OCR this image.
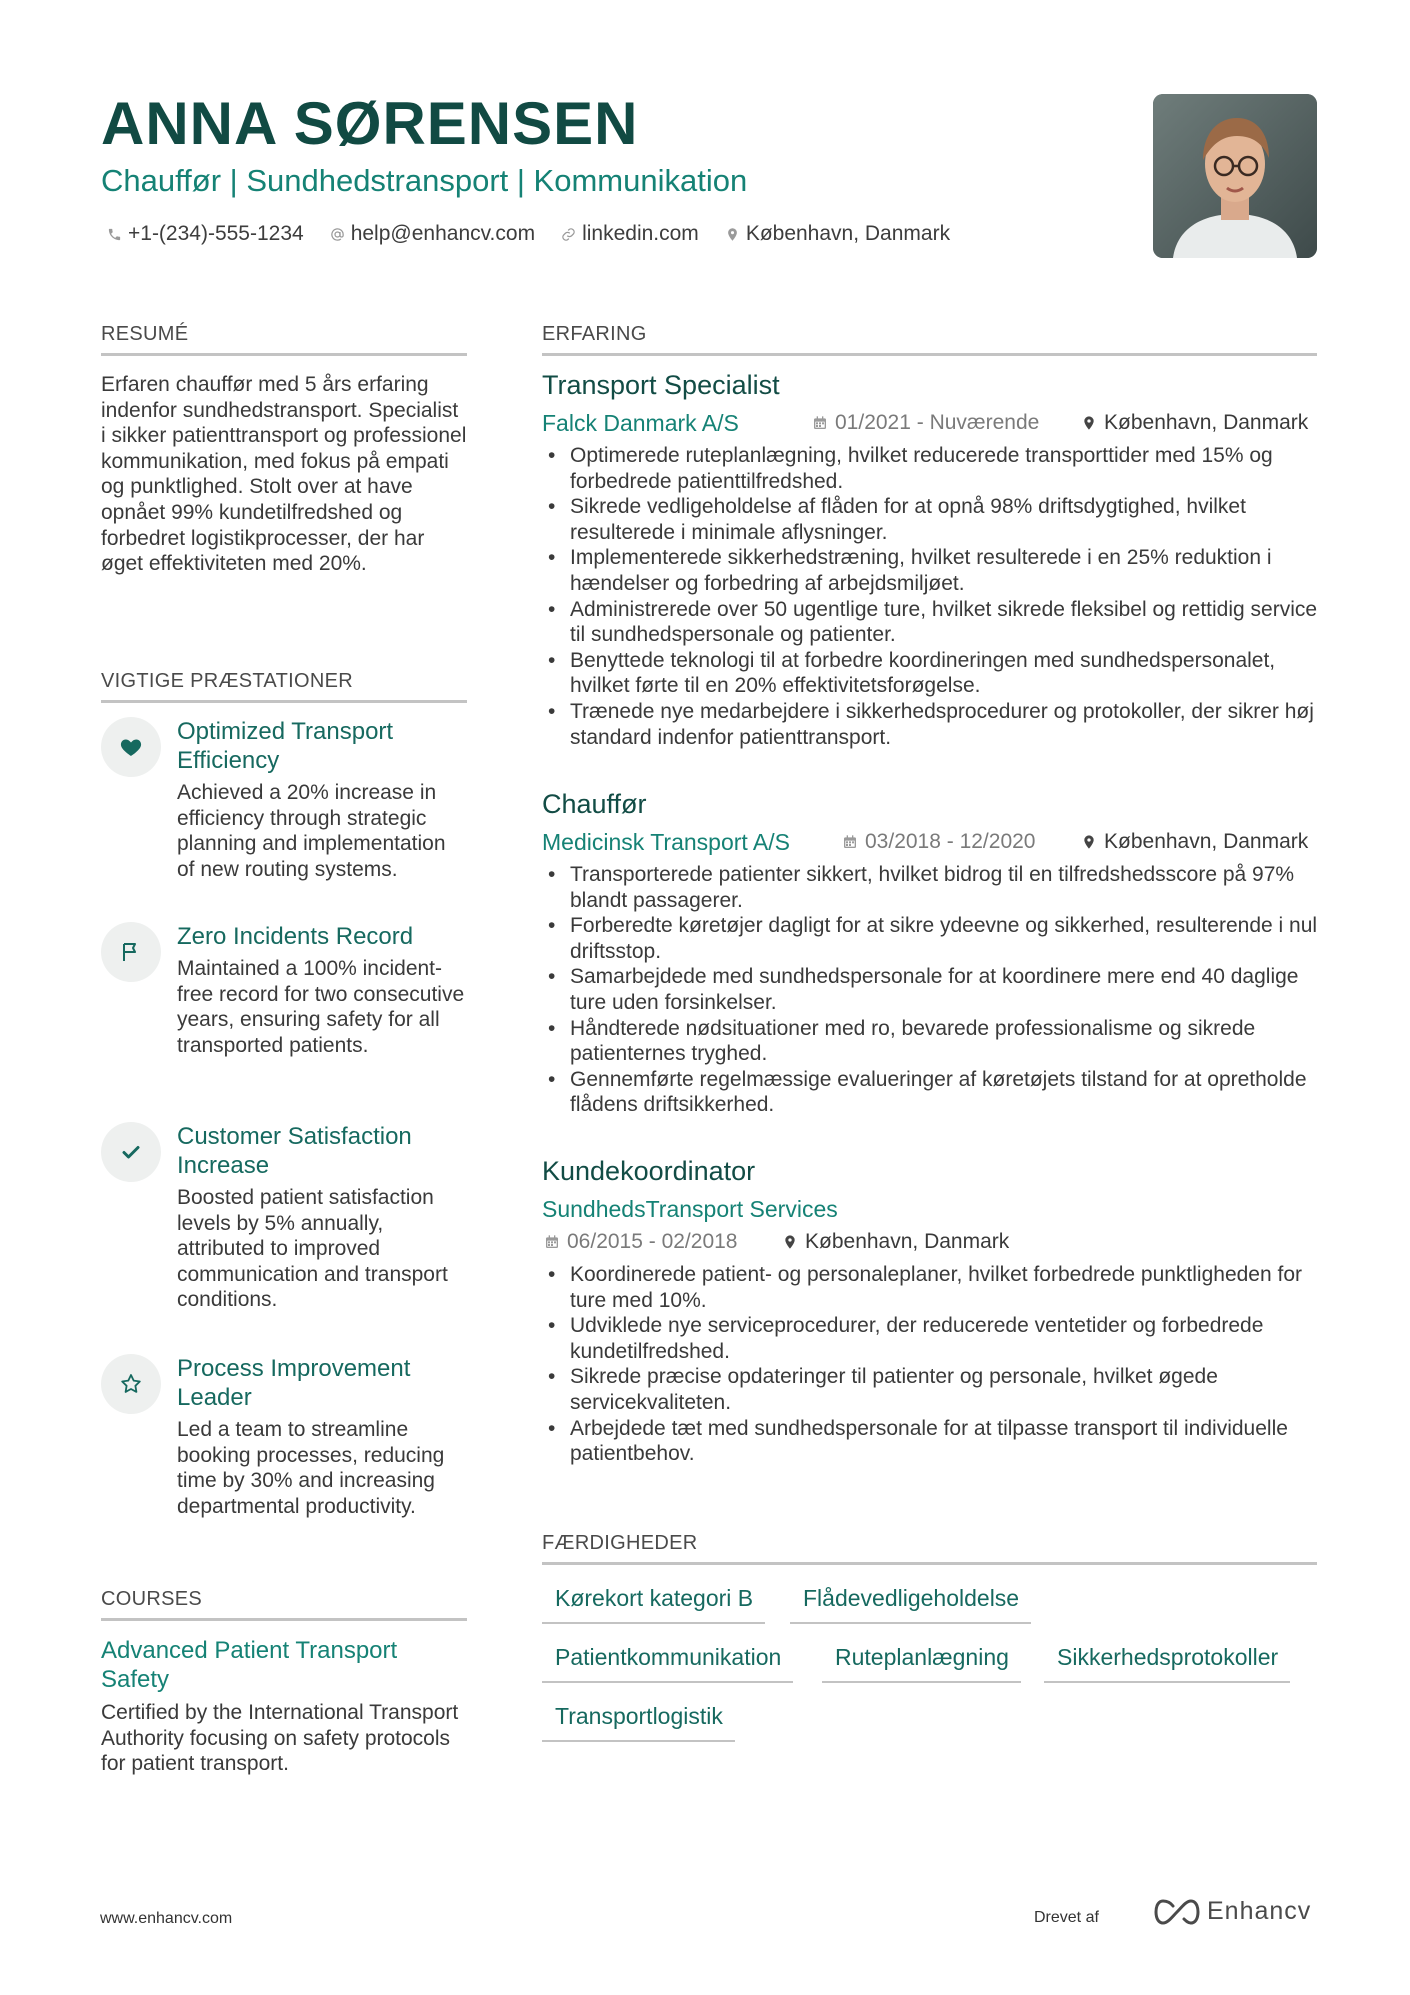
ANNA SØRENSEN
Chauffør | Sundhedstransport | Kommunikation
+1-(234)-555-1234 help@enhancv.com linkedin.com København, Danmark
RESUMÉ
Erfaren chauffør med 5 års erfaring indenfor sundhedstransport. Specialist i sikker patienttransport og professionel kommunikation, med fokus på empati og punktlighed. Stolt over at have opnået 99% kundetilfredshed og forbedret logistikprocesser, der har øget effektiviteten med 20%.
VIGTIGE PRÆSTATIONER
Optimized Transport Efficiency
Achieved a 20% increase in efficiency through strategic planning and implementation of new routing systems.
Zero Incidents Record
Maintained a 100% incident-free record for two consecutive years, ensuring safety for all transported patients.
Customer Satisfaction Increase
Boosted patient satisfaction levels by 5% annually, attributed to improved communication and transport conditions.
Process Improvement Leader
Led a team to streamline booking processes, reducing time by 30% and increasing departmental productivity.
COURSES
Advanced Patient Transport Safety
Certified by the International Transport Authority focusing on safety protocols for patient transport.
ERFARING
Transport Specialist
Falck Danmark A/S	01/2021 - Nuværende	København, Danmark
• Optimerede ruteplanlægning, hvilket reducerede transporttider med 15% og forbedrede patienttilfredshed.
• Sikrede vedligeholdelse af flåden for at opnå 98% driftsdygtighed, hvilket resulterede i minimale aflysninger.
• Implementerede sikkerhedstræning, hvilket resulterede i en 25% reduktion i hændelser og forbedring af arbejdsmiljøet.
• Administrerede over 50 ugentlige ture, hvilket sikrede fleksibel og rettidig service til sundhedspersonale og patienter.
• Benyttede teknologi til at forbedre koordineringen med sundhedspersonalet, hvilket førte til en 20% effektivitetsforøgelse.
• Trænede nye medarbejdere i sikkerhedsprocedurer og protokoller, der sikrer høj standard indenfor patienttransport.
Chauffør
Medicinsk Transport A/S	03/2018 - 12/2020	København, Danmark
• Transporterede patienter sikkert, hvilket bidrog til en tilfredshedsscore på 97% blandt passagerer.
• Forberedte køretøjer dagligt for at sikre ydeevne og sikkerhed, resulterende i nul driftsstop.
• Samarbejdede med sundhedspersonale for at koordinere mere end 40 daglige ture uden forsinkelser.
• Håndterede nødsituationer med ro, bevarede professionalisme og sikrede patienternes tryghed.
• Gennemførte regelmæssige evalueringer af køretøjets tilstand for at opretholde flådens driftsikkerhed.
Kundekoordinator
SundhedsTransport Services
06/2015 - 02/2018	København, Danmark
• Koordinerede patient- og personaleplaner, hvilket forbedrede punktligheden for ture med 10%.
• Udviklede nye serviceprocedurer, der reducerede ventetider og forbedrede kundetilfredshed.
• Sikrede præcise opdateringer til patienter og personale, hvilket øgede servicekvaliteten.
• Arbejdede tæt med sundhedspersonale for at tilpasse transport til individuelle patientbehov.
FÆRDIGHEDER
Kørekort kategori B	Flådevedligeholdelse
Patientkommunikation	Ruteplanlægning	Sikkerhedsprotokoller
Transportlogistik
www.enhancv.com	Drevet af	Enhancv
